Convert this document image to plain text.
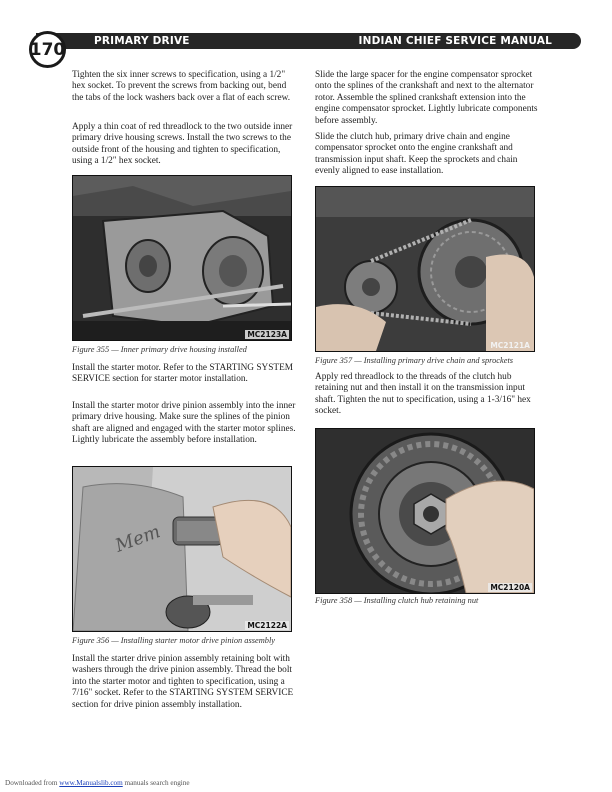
170	PRIMARY DRIVE	INDIAN CHIEF SERVICE MANUAL

Tighten the six inner screws to specification, using a 1/2" hex socket. To prevent the screws from backing out, bend the tabs of the lock washers back over a flat of each screw.

Apply a thin coat of red threadlock to the two outside inner primary drive housing screws. Install the two screws to the outside front of the housing and tighten to specification, using a 1/2" hex socket.

MC2123A

Figure 355 — Inner primary drive housing installed

Install the starter motor. Refer to the STARTING SYSTEM SERVICE section for starter motor installation.

Install the starter motor drive pinion assembly into the inner primary drive housing. Make sure the splines of the pinion shaft are aligned and engaged with the starter motor splines. Lightly lubricate the assembly before installation.

Mem
MC2122A

Figure 356 — Installing starter motor drive pinion assembly

Install the starter drive pinion assembly retaining bolt with washers through the drive pinion assembly. Thread the bolt into the starter motor and tighten to specification, using a 7/16" socket. Refer to the STARTING SYSTEM SERVICE section for drive pinion assembly installation.

Slide the large spacer for the engine compensator sprocket onto the splines of the crankshaft and next to the alternator rotor. Assemble the splined crankshaft extension into the engine compensator sprocket. Lightly lubricate components before assembly.

Slide the clutch hub, primary drive chain and engine compensator sprocket onto the engine crankshaft and transmission input shaft. Keep the sprockets and chain evenly aligned to ease installation.

MC2121A

Figure 357 — Installing primary drive chain and sprockets

Apply red threadlock to the threads of the clutch hub retaining nut and then install it on the transmission input shaft. Tighten the nut to specification, using a 1-3/16" hex socket.

MC2120A

Figure 358 — Installing clutch hub retaining nut

Downloaded from www.Manualslib.com manuals search engine
